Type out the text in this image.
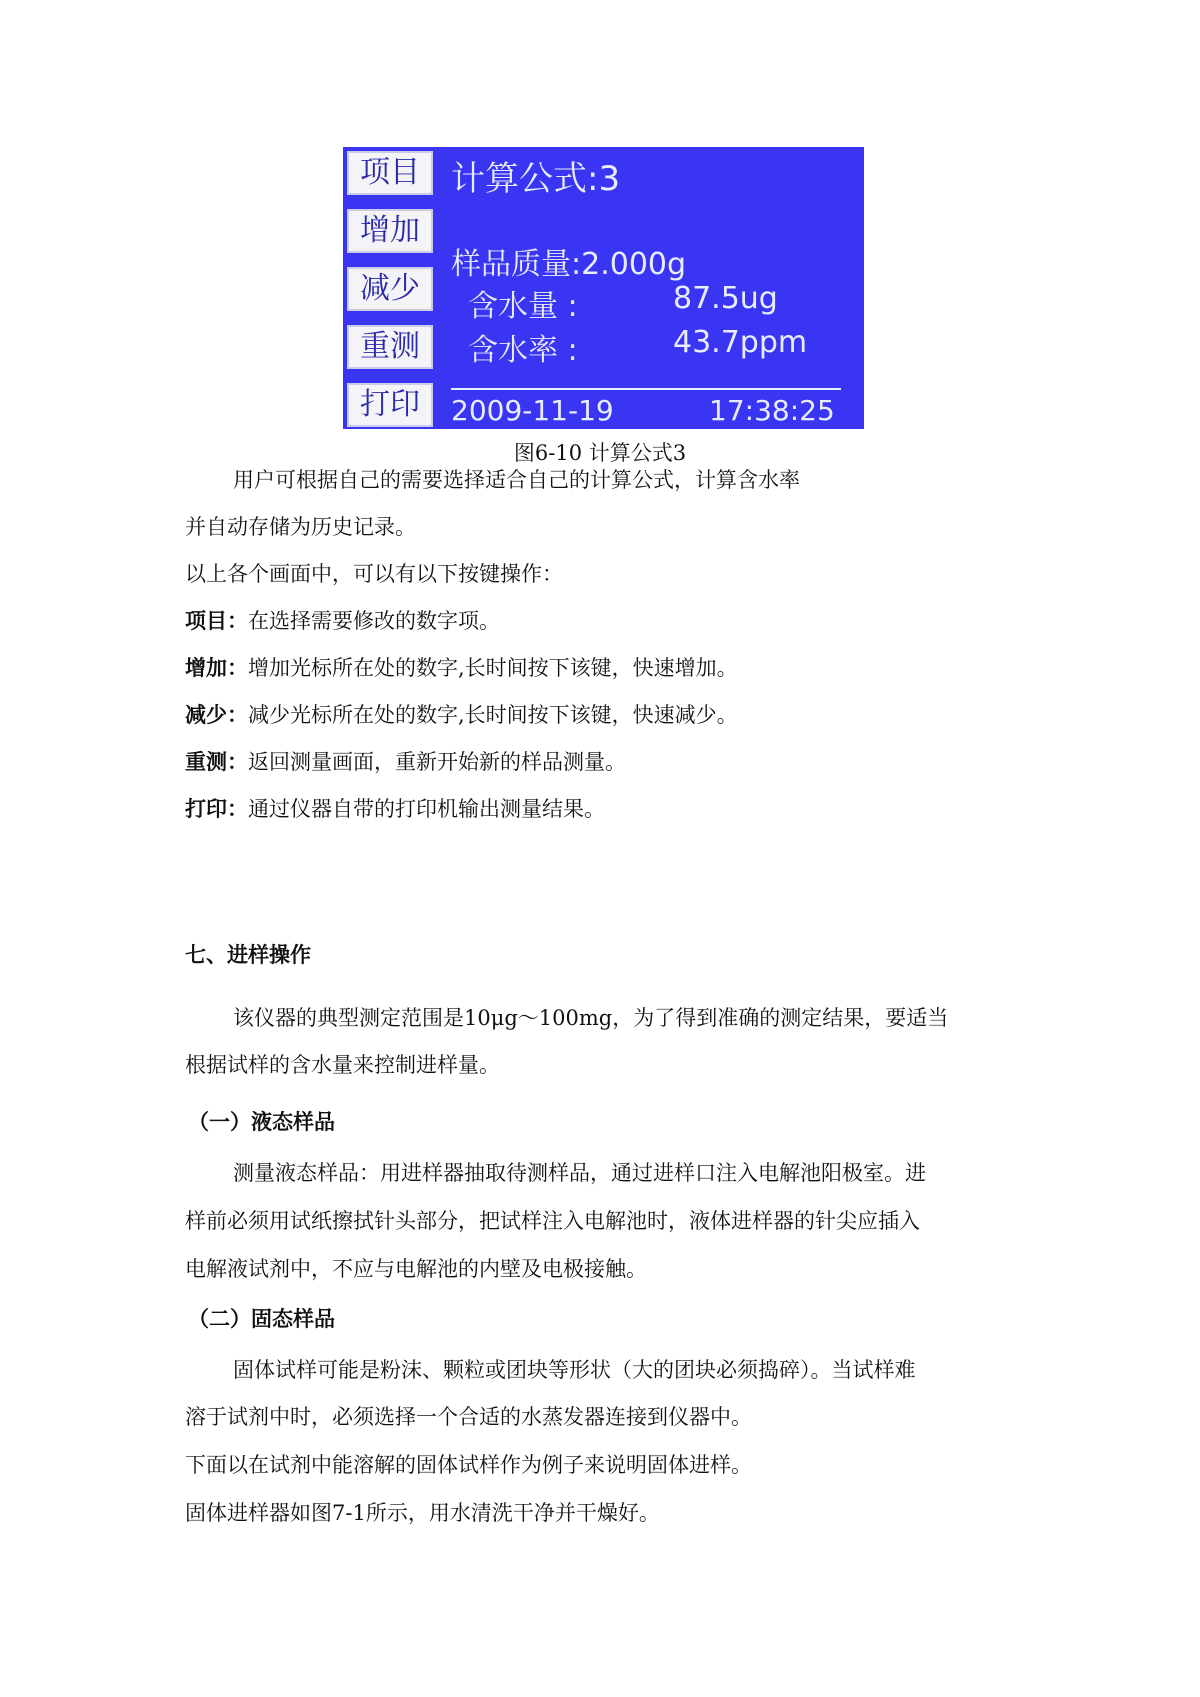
项目
增加
减少
重测
打印
计算公式:3
样品质量:2.000g
含水量 :	87.5ug
含水率 :	43.7ppm
2009-11-19	17:38:25
图6-10 计算公式3
用户可根据自己的需要选择适合自己的计算公式，计算含水率
并自动存储为历史记录。
以上各个画面中，可以有以下按键操作：
项目：在选择需要修改的数字项。
增加：增加光标所在处的数字,长时间按下该键，快速增加。
减少：减少光标所在处的数字,长时间按下该键，快速减少。
重测：返回测量画面，重新开始新的样品测量。
打印：通过仪器自带的打印机输出测量结果。
七、进样操作
该仪器的典型测定范围是10μg～100mg，为了得到准确的测定结果，要适当
根据试样的含水量来控制进样量。
（一）液态样品
测量液态样品：用进样器抽取待测样品，通过进样口注入电解池阳极室。进
样前必须用试纸擦拭针头部分，把试样注入电解池时，液体进样器的针尖应插入
电解液试剂中，不应与电解池的内壁及电极接触。
（二）固态样品
固体试样可能是粉沫、颗粒或团块等形状（大的团块必须捣碎）。当试样难
溶于试剂中时，必须选择一个合适的水蒸发器连接到仪器中。
下面以在试剂中能溶解的固体试样作为例子来说明固体进样。
固体进样器如图7-1所示，用水清洗干净并干燥好。
